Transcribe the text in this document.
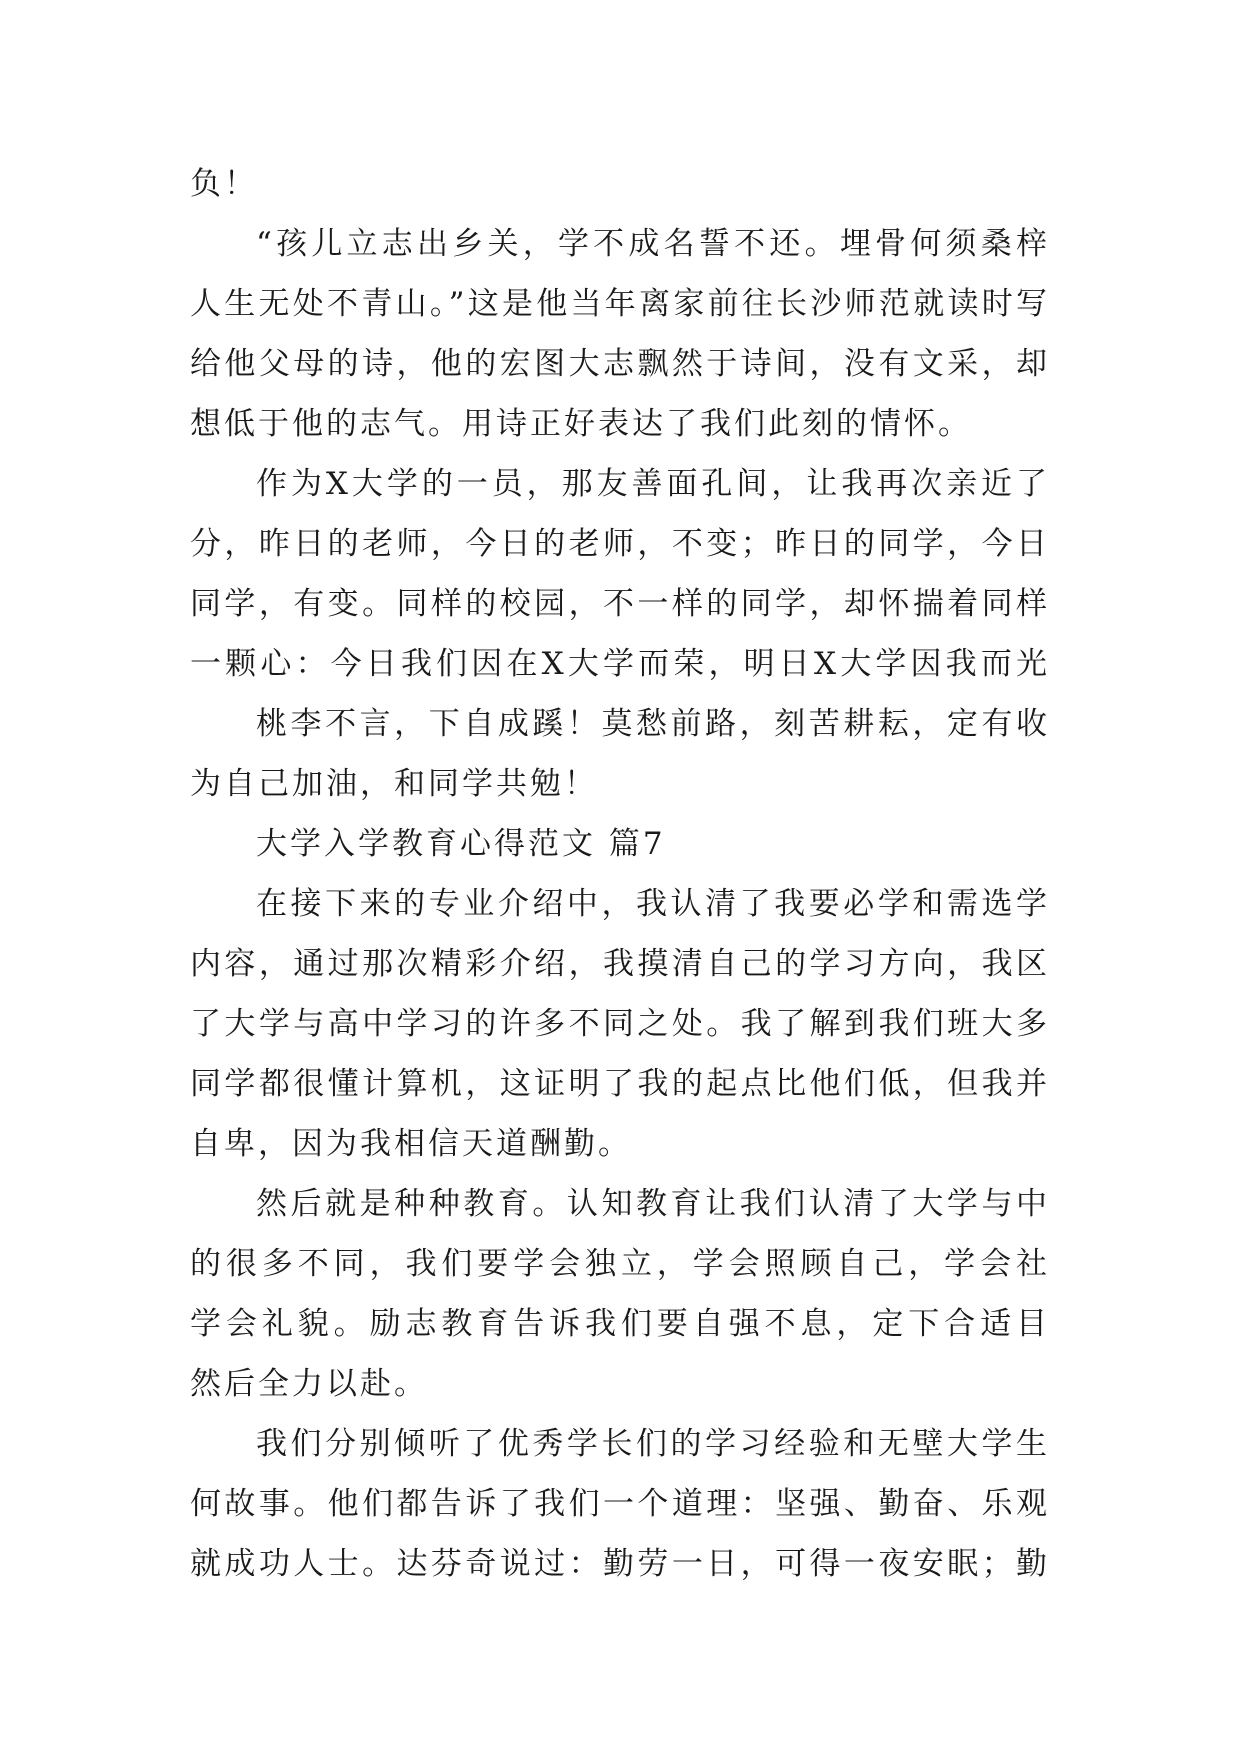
负！
“孩儿立志出乡关，学不成名誓不还。埋骨何须桑梓
人生无处不青山。”这是他当年离家前往长沙师范就读时写
给他父母的诗，他的宏图大志飘然于诗间，没有文采，却
想低于他的志气。用诗正好表达了我们此刻的情怀。
作为X大学的一员，那友善面孔间，让我再次亲近了
分，昨日的老师，今日的老师，不变；昨日的同学，今日
同学，有变。同样的校园，不一样的同学，却怀揣着同样
一颗心：今日我们因在X大学而荣，明日X大学因我而光
桃李不言，下自成蹊！莫愁前路，刻苦耕耘，定有收
为自己加油，和同学共勉！
大学入学教育心得范文 篇7
在接下来的专业介绍中，我认清了我要必学和需选学
内容，通过那次精彩介绍，我摸清自己的学习方向，我区
了大学与高中学习的许多不同之处。我了解到我们班大多
同学都很懂计算机，这证明了我的起点比他们低，但我并
自卑，因为我相信天道酬勤。
然后就是种种教育。认知教育让我们认清了大学与中
的很多不同，我们要学会独立，学会照顾自己，学会社
学会礼貌。励志教育告诉我们要自强不息，定下合适目
然后全力以赴。
我们分别倾听了优秀学长们的学习经验和无壁大学生
何故事。他们都告诉了我们一个道理：坚强、勤奋、乐观
就成功人士。达芬奇说过：勤劳一日，可得一夜安眠；勤
